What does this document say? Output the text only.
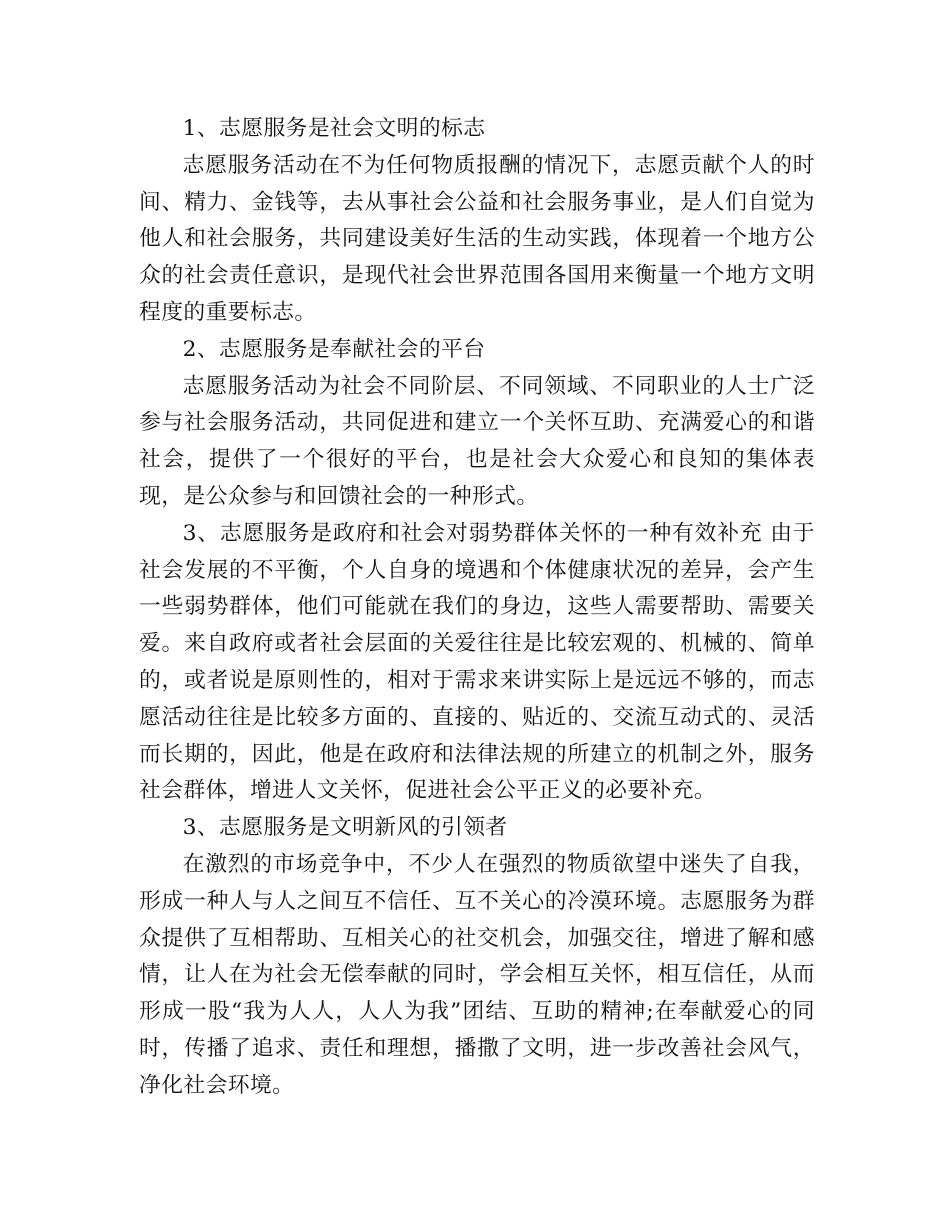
1、志愿服务是社会文明的标志

志愿服务活动在不为任何物质报酬的情况下，志愿贡献个人的时间、精力、金钱等，去从事社会公益和社会服务事业，是人们自觉为他人和社会服务，共同建设美好生活的生动实践，体现着一个地方公众的社会责任意识，是现代社会世界范围各国用来衡量一个地方文明程度的重要标志。

2、志愿服务是奉献社会的平台

志愿服务活动为社会不同阶层、不同领域、不同职业的人士广泛参与社会服务活动，共同促进和建立一个关怀互助、充满爱心的和谐社会，提供了一个很好的平台，也是社会大众爱心和良知的集体表现，是公众参与和回馈社会的一种形式。

3、志愿服务是政府和社会对弱势群体关怀的一种有效补充 由于社会发展的不平衡，个人自身的境遇和个体健康状况的差异，会产生一些弱势群体，他们可能就在我们的身边，这些人需要帮助、需要关爱。来自政府或者社会层面的关爱往往是比较宏观的、机械的、简单的，或者说是原则性的，相对于需求来讲实际上是远远不够的，而志愿活动往往是比较多方面的、直接的、贴近的、交流互动式的、灵活而长期的，因此，他是在政府和法律法规的所建立的机制之外，服务社会群体，增进人文关怀，促进社会公平正义的必要补充。

3、志愿服务是文明新风的引领者

在激烈的市场竞争中，不少人在强烈的物质欲望中迷失了自我，形成一种人与人之间互不信任、互不关心的冷漠环境。志愿服务为群众提供了互相帮助、互相关心的社交机会，加强交往，增进了解和感情，让人在为社会无偿奉献的同时，学会相互关怀，相互信任，从而形成一股“我为人人，人人为我”团结、互助的精神;在奉献爱心的同时，传播了追求、责任和理想，播撒了文明，进一步改善社会风气，净化社会环境。
